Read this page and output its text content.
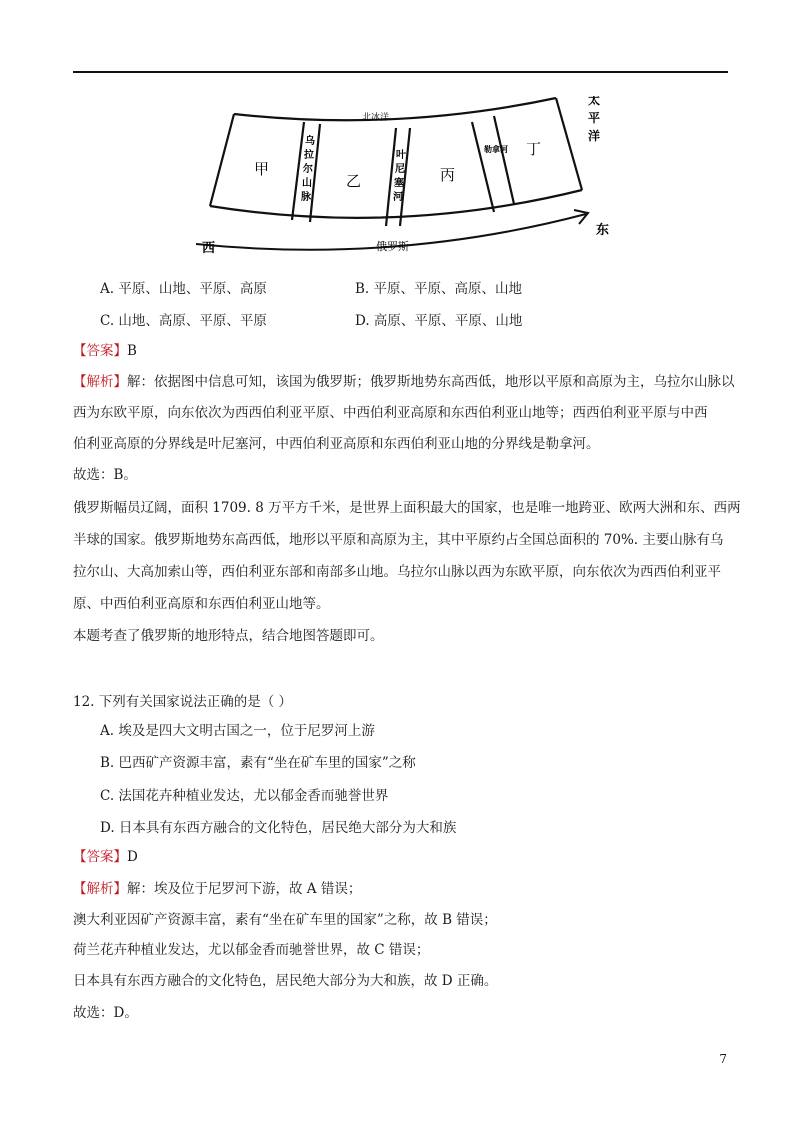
甲
乙	丙
丁
北冰洋
太
平
洋
乌
拉
尔
山
脉
叶
尼
塞
河
勒拿河
西
东
俄罗斯
A. 平原、山地、平原、高原	B. 平原、平原、高原、山地
C. 山地、高原、平原、平原	D. 高原、平原、平原、山地
【答案】B
【解析】解：依据图中信息可知，该国为俄罗斯；俄罗斯地势东高西低，地形以平原和高原为主，乌拉尔山脉以
西为东欧平原，向东依次为西西伯利亚平原、中西伯利亚高原和东西伯利亚山地等；西西伯利亚平原与中西
伯利亚高原的分界线是叶尼塞河，中西伯利亚高原和东西伯利亚山地的分界线是勒拿河。
故选：B。
俄罗斯幅员辽阔，面积 1709. 8 万平方千米，是世界上面积最大的国家，也是唯一地跨亚、欧两大洲和东、西两
半球的国家。俄罗斯地势东高西低，地形以平原和高原为主，其中平原约占全国总面积的 70%. 主要山脉有乌
拉尔山、大高加索山等，西伯利亚东部和南部多山地。乌拉尔山脉以西为东欧平原，向东依次为西西伯利亚平
原、中西伯利亚高原和东西伯利亚山地等。
本题考查了俄罗斯的地形特点，结合地图答题即可。
12. 下列有关国家说法正确的是（ ）
A. 埃及是四大文明古国之一，位于尼罗河上游
B. 巴西矿产资源丰富，素有“坐在矿车里的国家”之称
C. 法国花卉种植业发达，尤以郁金香而驰誉世界
D. 日本具有东西方融合的文化特色，居民绝大部分为大和族
【答案】D
【解析】解：埃及位于尼罗河下游，故 A 错误；
澳大利亚因矿产资源丰富，素有“坐在矿车里的国家”之称，故 B 错误；
荷兰花卉种植业发达，尤以郁金香而驰誉世界，故 C 错误；
日本具有东西方融合的文化特色，居民绝大部分为大和族，故 D 正确。
故选：D。
7
